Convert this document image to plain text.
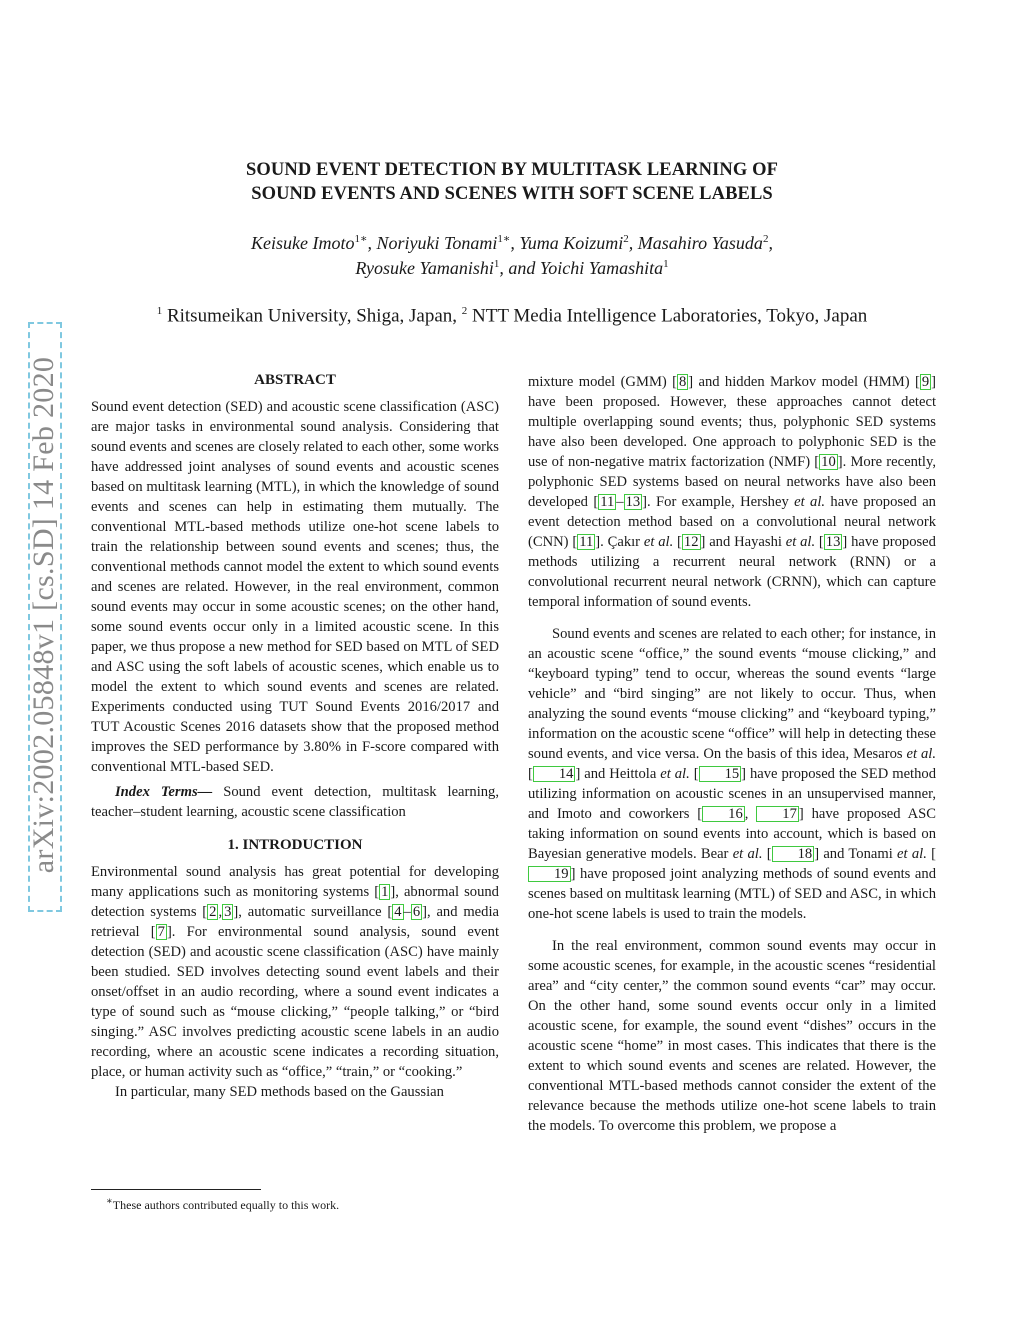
arXiv:2002.05848v1 [cs.SD] 14 Feb 2020
SOUND EVENT DETECTION BY MULTITASK LEARNING OF
SOUND EVENTS AND SCENES WITH SOFT SCENE LABELS
Keisuke Imoto$^{1∗}$, Noriyuki Tonami$^{1∗}$, Yuma Koizumi$^2$, Masahiro Yasuda$^2$,
Ryosuke Yamanishi$^1$, and Yoichi Yamashita$^1$
$^1$ Ritsumeikan University, Shiga, Japan, $^2$ NTT Media Intelligence Laboratories, Tokyo, Japan
ABSTRACT

Sound event detection (SED) and acoustic scene classification (ASC) are major tasks in environmental sound analysis. Considering that sound events and scenes are closely related to each other, some works have addressed joint analyses of sound events and acoustic scenes based on multitask learning (MTL), in which the knowledge of sound events and scenes can help in estimating them mutually. The conventional MTL-based methods utilize one-hot scene labels to train the relationship between sound events and scenes; thus, the conventional methods cannot model the extent to which sound events and scenes are related. However, in the real environment, common sound events may occur in some acoustic scenes; on the other hand, some sound events occur only in a limited acoustic scene. In this paper, we thus propose a new method for SED based on MTL of SED and ASC using the soft labels of acoustic scenes, which enable us to model the extent to which sound events and scenes are related. Experiments conducted using TUT Sound Events 2016/2017 and TUT Acoustic Scenes 2016 datasets show that the proposed method improves the SED performance by 3.80% in F-score compared with conventional MTL-based SED.

Index Terms— Sound event detection, multitask learning, teacher–student learning, acoustic scene classification

1. INTRODUCTION

Environmental sound analysis has great potential for developing many applications such as monitoring systems [ 1 ], abnormal sound detection systems [ 2 , 3 ], automatic surveillance [ 4 – 6 ], and media retrieval [ 7 ]. For environmental sound analysis, sound event detection (SED) and acoustic scene classification (ASC) have mainly been studied. SED involves detecting sound event labels and their onset/offset in an audio recording, where a sound event indicates a type of sound such as “mouse clicking,” “people talking,” or “bird singing.” ASC involves predicting acoustic scene labels in an audio recording, where an acoustic scene indicates a recording situation, place, or human activity such as “office,” “train,” or “cooking.”

In particular, many SED methods based on the Gaussian

mixture model (GMM) [ 8 ] and hidden Markov model (HMM) [ 9 ] have been proposed. However, these approaches cannot detect multiple overlapping sound events; thus, polyphonic SED systems have also been developed. One approach to polyphonic SED is the use of non-negative matrix factorization (NMF) [ 10 ]. More recently, polyphonic SED systems based on neural networks have also been developed [ 11 – 13 ]. For example, Hershey et al. have proposed an event detection method based on a convolutional neural network (CNN) [ 11 ]. Çakır et al. [ 12 ] and Hayashi et al. [ 13 ] have proposed methods utilizing a recurrent neural network (RNN) or a convolutional recurrent neural network (CRNN), which can capture temporal information of sound events.

Sound events and scenes are related to each other; for instance, in an acoustic scene “office,” the sound events “mouse clicking,” and “keyboard typing” tend to occur, whereas the sound events “large vehicle” and “bird singing” are not likely to occur. Thus, when analyzing the sound events “mouse clicking” and “keyboard typing,” information on the acoustic scene “office” will help in detecting these sound events, and vice versa. On the basis of this idea, Mesaros et al. [ 14 ] and Heittola et al. [ 15 ] have proposed the SED method utilizing information on acoustic scenes in an unsupervised manner, and Imoto and coworkers [ 16 , 17 ] have proposed ASC taking information on sound events into account, which is based on Bayesian generative models. Bear et al. [ 18 ] and Tonami et al. [19 ] have proposed joint analyzing methods of sound events and scenes based on multitask learning (MTL) of SED and ASC, in which one-hot scene labels is used to train the models.

In the real environment, common sound events may occur in some acoustic scenes, for example, in the acoustic scenes “residential area” and “city center,” the common sound events “car” may occur. On the other hand, some sound events occur only in a limited acoustic scene, for example, the sound event “dishes” occurs in the acoustic scene “home” in most cases. This indicates that there is the extent to which sound events and scenes are related. However, the conventional MTL-based methods cannot consider the extent of the relevance because the methods utilize one-hot scene labels to train the models. To overcome this problem, we propose a

∗These authors contributed equally to this work.
